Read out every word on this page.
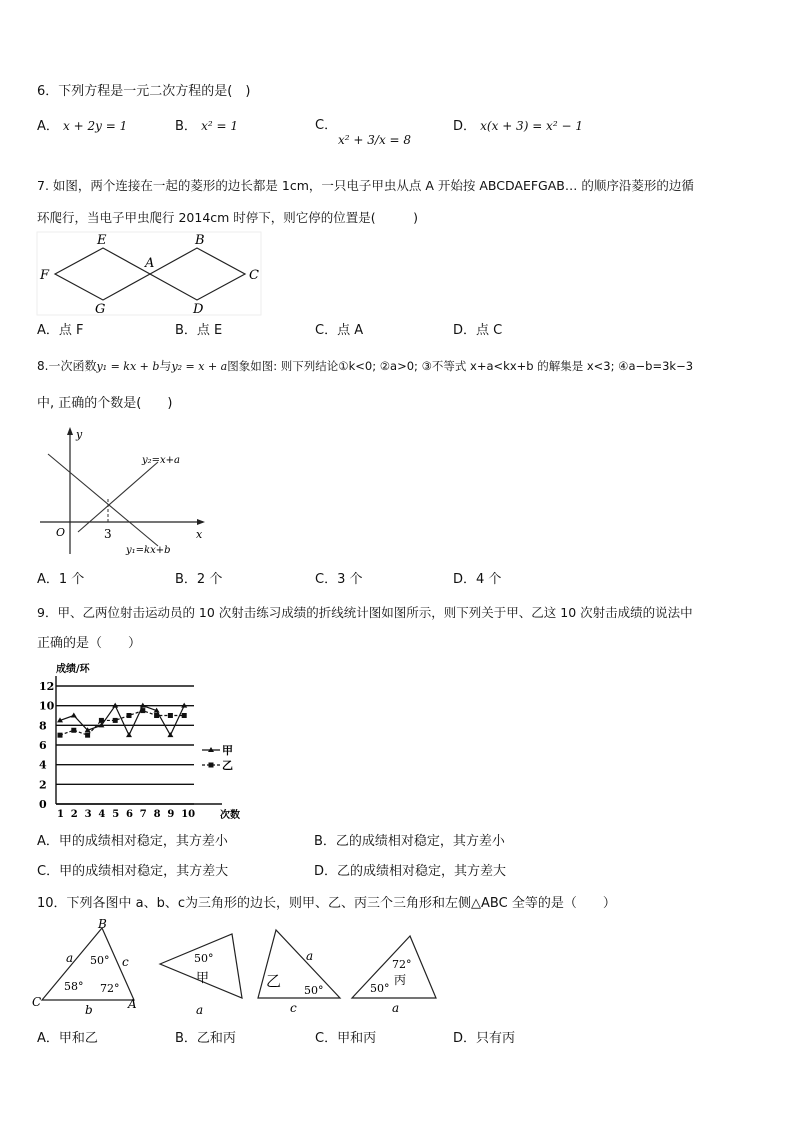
6．下列方程是一元二次方程的是(　)
A． x + 2y = 1	B． x² = 1	C．
x² + 3/x = 8
D． x(x + 3) = x² − 1
7. 如图，两个连接在一起的菱形的边长都是 1cm，一只电子甲虫从点 A 开始按 ABCDAEFGAB… 的顺序沿菱形的边循
环爬行，当电子甲虫爬行 2014cm 时停下，则它停的位置是(　　　)
E	B
F
A
C
G	D
A．点 F	B．点 E	C．点 A	D．点 C
8.一次函数y₁ = kx + b与y₂ = x + a图象如图: 则下列结论①k<0; ②a>0; ③不等式 x+a<kx+b 的解集是 x<3; ④a−b=3k−3
中, 正确的个数是(　　)
y
x
O	3
y₂=x+a
y₁=kx+b
A．1 个	B．2 个	C．3 个	D．4 个
9．甲、乙两位射击运动员的 10 次射击练习成绩的折线统计图如图所示，则下列关于甲、乙这 10 次射击成绩的说法中
正确的是（　　）
成绩/环
次数
0
2
4
6
8
10
12
1 2 3 4 5 6 7 8 9 10
甲
乙
A．甲的成绩相对稳定，其方差小	B．乙的成绩相对稳定，其方差小
C．甲的成绩相对稳定，其方差大	D．乙的成绩相对稳定，其方差大
10．下列各图中 a、b、c为三角形的边长，则甲、乙、丙三个三角形和左侧△ABC 全等的是（　　）
B
C	A
a	c
b
50°
58° 72°
50°
甲
a
乙
a
50°
c
72°
丙
50°
a
A．甲和乙	B．乙和丙	C．甲和丙	D．只有丙
